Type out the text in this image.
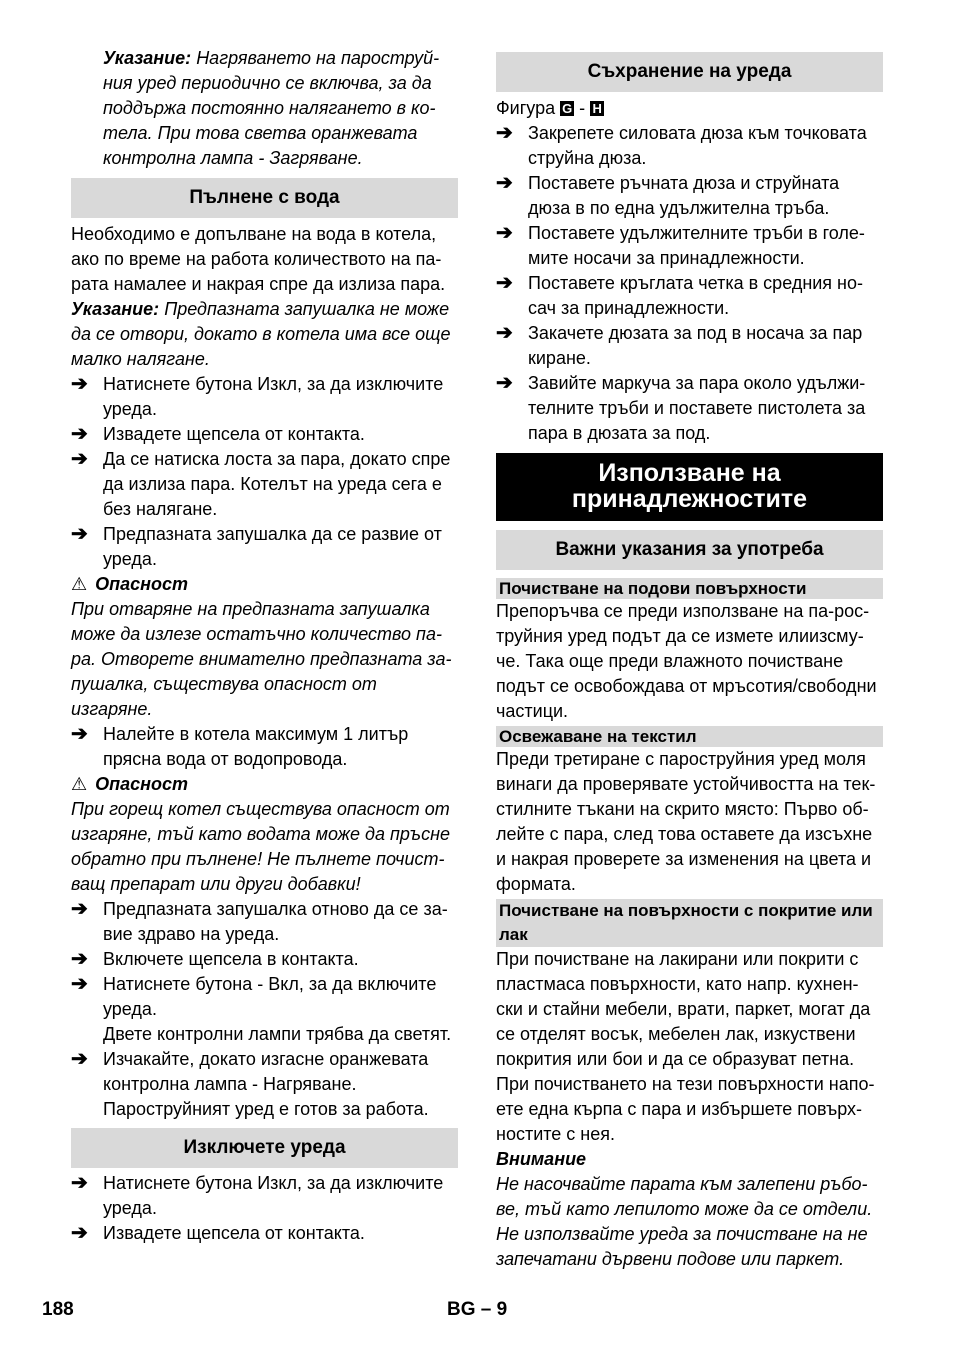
Указание: Нагряването на пароструй-ния уред периодично се включва, за да поддържа постоянно налягането в ко-тела. При това светва оранжевата контролна лампа - Загряване.

Пълнене с вода

Необходимо е допълване на вода в котела, ако по време на работа количеството на па-рата намалее и накрая спре да излиза пара.

Указание: Предпазната запушалка не може да се отвори, докато в котела има все още малко налягане.

➔ Натиснете бутона Изкл, за да изключите уреда.
➔ Извадете щепсела от контакта.
➔ Да се натиска лоста за пара, докато спре да излиза пара. Котелът на уреда сега е без налягане.
➔ Предпазната запушалка да се развие от уреда.

⚠ Опасност

При отваряне на предпазната запушалка може да излезе остатъчно количество па-ра. Отворете внимателно предпазната за-пушалка, съществува опасност от изгаряне.

➔ Налейте в котела максимум 1 литър прясна вода от водопровода.

⚠ Опасност

При горещ котел съществува опасност от изгаряне, тъй като водата може да пръсне обратно при пълнене! Не пълнете почист-ващ препарат или други добавки!

➔ Предпазната запушалка отново да се за-вие здраво на уреда.
➔ Включете щепсела в контакта.
➔ Натиснете бутона - Вкл, за да включите уреда.

Двете контролни лампи трябва да светят.

➔ Изчакайте, докато изгасне оранжевата контролна лампа - Нагряване.

Пароструйният уред е готов за работа.

Изключете уреда
➔ Натиснете бутона Изкл, за да изключите уреда.
➔ Извадете щепсела от контакта.
Съхранение на уреда

Фигура G - H

➔ Закрепете силовата дюза към точковата струйна дюза.
➔ Поставете ръчната дюза и струйната дюза в по една удължителна тръба.
➔ Поставете удължителните тръби в голе-мите носачи за принадлежности.
➔ Поставете кръглата четка в средния но-сач за принадлежности.
➔ Закачете дюзата за под в носача за пар киране.
➔ Завийте маркуча за пара около удължи-телните тръби и поставете пистолета за пара в дюзата за под.
Използване на
принадлежностите
Важни указания за употреба
Почистване на подови повърхности

Препоръчва се преди използване на па-рос-труйния уред подът да се измете илиизсму-че. Така още преди влажното почистване подът се освобождава от мръсотия/свободни частици.

Освежаване на текстил

Преди третиране с пароструйния уред моля винаги да проверявате устойчивостта на тек-стилните тъкани на скрито място: Първо об-лейте с пара, след това оставете да изсъхне и накрая проверете за изменения на цвета и формата.

Почистване на повърхности с покритие или лак

При почистване на лакирани или покрити с пластмаса повърхности, като напр. кухнен-ски и стайни мебели, врати, паркет, могат да се отделят восък, мебелен лак, изкуствени покрития или бои и да се образуват петна.

При почистването на тези повърхности напо-ете една кърпа с пара и избършете повърх-ностите с нея.

Внимание

Не насочвайте парата към залепени ръбо-ве, тъй като лепилото може да се отдели. Не използвайте уреда за почистване на не запечатани дървени подове или паркет.

188	BG – 9
